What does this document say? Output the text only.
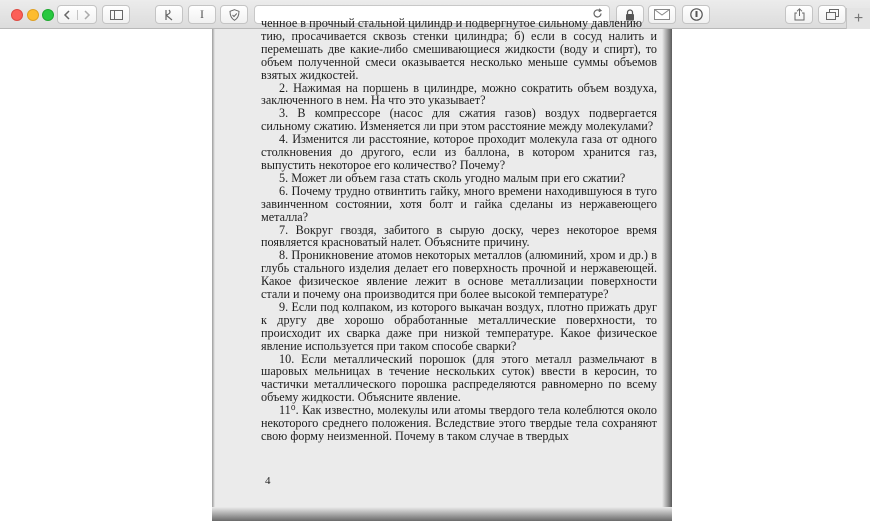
I	+

ченное в прочный стальной цилиндр и подвергнутое сильному давлению

тию, просачивается сквозь стенки цилиндра; б) если в сосуд налить и перемешать две какие-либо смешивающиеся жидкости (воду и спирт), то объем полученной смеси оказывается несколько меньше суммы объемов взятых жидкостей.

2. Нажимая на поршень в цилиндре, можно сократить объем воздуха, заключенного в нем. На что это указывает?

3. В компрессоре (насос для сжатия газов) воздух подвергается сильному сжатию. Изменяется ли при этом расстояние между молекулами?

4. Изменится ли расстояние, которое проходит молекула газа от одного столкновения до другого, если из баллона, в котором хранится газ, выпустить некоторое его количество? Почему?

5. Может ли объем газа стать сколь угодно малым при его сжатии?

6. Почему трудно отвинтить гайку, много времени находившуюся в туго завинченном состоянии, хотя болт и гайка сделаны из нержавеющего металла?

7. Вокруг гвоздя, забитого в сырую доску, через некоторое время появляется красноватый налет. Объясните причину.

8. Проникновение атомов некоторых металлов (алюминий, хром и др.) в глубь стального изделия делает его поверхность прочной и нержавеющей. Какое физическое явление лежит в основе металлизации поверхности стали и почему она производится при более высокой температуре?

9. Если под колпаком, из которого выкачан воздух, плотно прижать друг к другу две хорошо обработанные металлические поверхности, то происходит их сварка даже при низкой температуре. Какое физическое явление используется при таком способе сварки?

10. Если металлический порошок (для этого металл размельчают в шаровых мельницах в течение нескольких суток) ввести в керосин, то частички металлического порошка распределяются равномерно по всему объему жидкости. Объясните явление.

11⁰. Как известно, молекулы или атомы твердого тела колеблются около некоторого среднего положения. Вследствие этого твердые тела сохраняют свою форму неизменной. Почему в таком случае в твердых

4
